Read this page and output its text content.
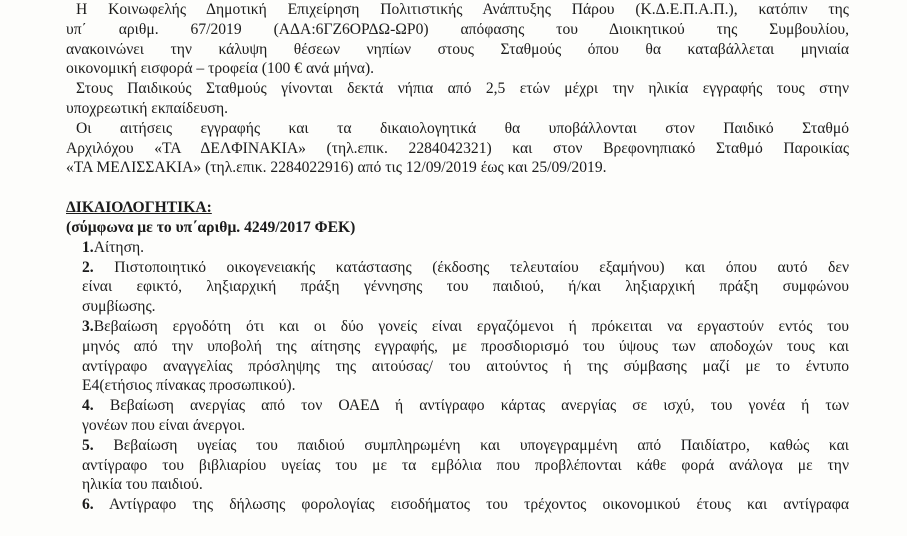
Η Κοινωφελής Δημοτική Επιχείρηση Πολιτιστικής Ανάπτυξης Πάρου (Κ.Δ.Ε.Π.Α.Π.), κατόπιν της

υπ΄ αριθμ. 67/2019 (ΑΔΑ:6ΓΖ6ΟΡΔΩ-ΩΡ0) απόφασης του Διοικητικού της Συμβουλίου,

ανακοινώνει την κάλυψη θέσεων νηπίων στους Σταθμούς όπου θα καταβάλλεται μηνιαία

οικονομική εισφορά – τροφεία (100 € ανά μήνα).

Στους Παιδικούς Σταθμούς γίνονται δεκτά νήπια από 2,5 ετών μέχρι την ηλικία εγγραφής τους στην

υποχρεωτική εκπαίδευση.

Οι αιτήσεις εγγραφής και τα δικαιολογητικά θα υποβάλλονται στον Παιδικό Σταθμό

Αρχιλόχου «ΤΑ ΔΕΛΦΙΝΑΚΙΑ» (τηλ.επικ. 2284042321) και στον Βρεφονηπιακό Σταθμό Παροικίας

«ΤΑ ΜΕΛΙΣΣΑΚΙΑ» (τηλ.επικ. 2284022916) από τις 12/09/2019 έως και 25/09/2019.

ΔΙΚΑΙΟΛΟΓΗΤΙΚΑ:

(σύμφωνα με το υπ΄αριθμ. 4249/2017 ΦΕΚ)

1.Αίτηση.

2. Πιστοποιητικό οικογενειακής κατάστασης (έκδοσης τελευταίου εξαμήνου) και όπου αυτό δεν

είναι εφικτό, ληξιαρχική πράξη γέννησης του παιδιού, ή/και ληξιαρχική πράξη συμφώνου

συμβίωσης.

3.Βεβαίωση εργοδότη ότι και οι δύο γονείς είναι εργαζόμενοι ή πρόκειται να εργαστούν εντός του

μηνός από την υποβολή της αίτησης εγγραφής, με προσδιορισμό του ύψους των αποδοχών τους και

αντίγραφο αναγγελίας πρόσληψης της αιτούσας/ του αιτούντος ή της σύμβασης μαζί με το έντυπο

Ε4(ετήσιος πίνακας προσωπικού).

4. Βεβαίωση ανεργίας από τον ΟΑΕΔ ή αντίγραφο κάρτας ανεργίας σε ισχύ, του γονέα ή των

γονέων που είναι άνεργοι.

5. Βεβαίωση υγείας του παιδιού συμπληρωμένη και υπογεγραμμένη από Παιδίατρο, καθώς και

αντίγραφο του βιβλιαρίου υγείας του με τα εμβόλια που προβλέπονται κάθε φορά ανάλογα με την

ηλικία του παιδιού.

6. Αντίγραφο της δήλωσης φορολογίας εισοδήματος του τρέχοντος οικονομικού έτους και αντίγραφα
